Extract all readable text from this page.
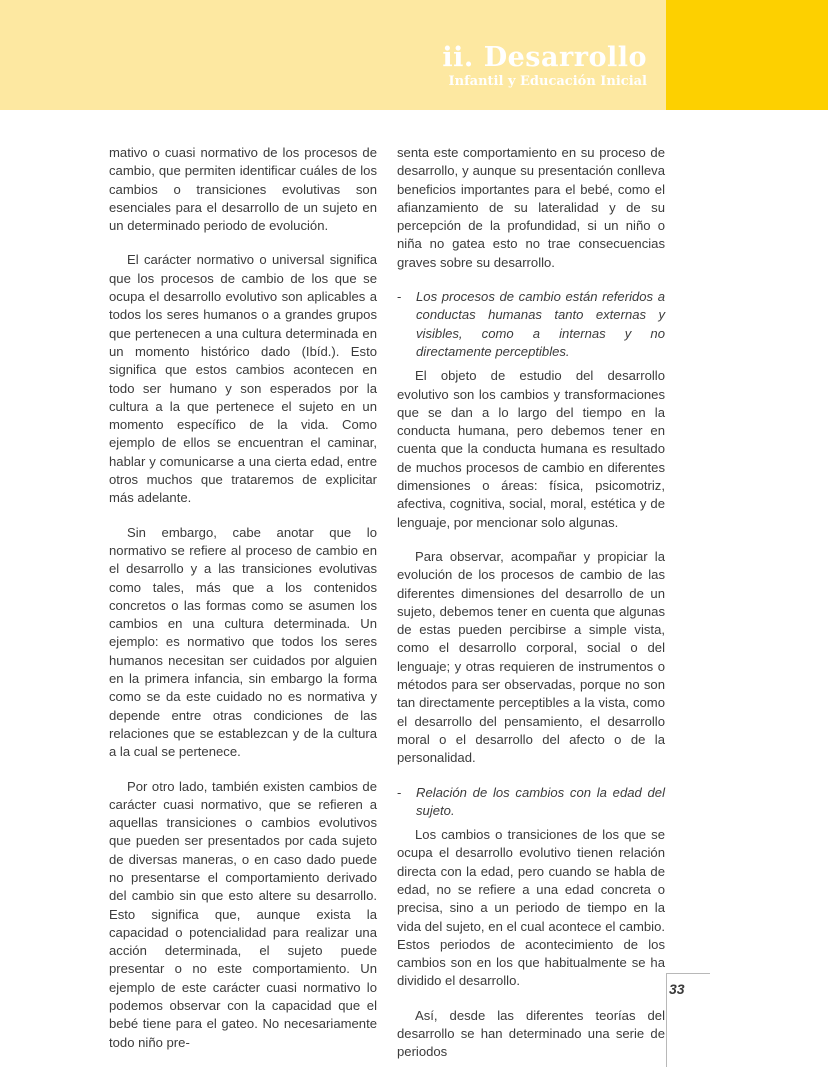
ii. Desarrollo
Infantil y Educación Inicial

mativo o cuasi normativo de los procesos de cambio, que permiten identificar cuáles de los cambios o transiciones evolutivas son esenciales para el desarrollo de un sujeto en un determinado periodo de evolución.

El carácter normativo o universal significa que los procesos de cambio de los que se ocupa el desarrollo evolutivo son aplicables a todos los seres humanos o a grandes grupos que pertenecen a una cultura determinada en un momento histórico dado (Ibíd.). Esto significa que estos cambios acontecen en todo ser humano y son esperados por la cultura a la que pertenece el sujeto en un momento específico de la vida. Como ejemplo de ellos se encuentran el caminar, hablar y comunicarse a una cierta edad, entre otros muchos que trataremos de explicitar más adelante.

Sin embargo, cabe anotar que lo normativo se refiere al proceso de cambio en el desarrollo y a las transiciones evolutivas como tales, más que a los contenidos concretos o las formas como se asumen los cambios en una cultura determinada. Un ejemplo: es normativo que todos los seres humanos necesitan ser cuidados por alguien en la primera infancia, sin embargo la forma como se da este cuidado no es normativa y depende entre otras condiciones de las relaciones que se establezcan y de la cultura a la cual se pertenece.

Por otro lado, también existen cambios de carácter cuasi normativo, que se refieren a aquellas transiciones o cambios evolutivos que pueden ser presentados por cada sujeto de diversas maneras, o en caso dado puede no presentarse el comportamiento derivado del cambio sin que esto altere su desarrollo. Esto significa que, aunque exista la capacidad o potencialidad para realizar una acción determinada, el sujeto puede presentar o no este comportamiento. Un ejemplo de este carácter cuasi normativo lo podemos observar con la capacidad que el bebé tiene para el gateo. No necesariamente todo niño pre-

senta este comportamiento en su proceso de desarrollo, y aunque su presentación conlleva beneficios importantes para el bebé, como el afianzamiento de su lateralidad y de su percepción de la profundidad, si un niño o niña no gatea esto no trae consecuencias graves sobre su desarrollo.

- Los procesos de cambio están referidos a conductas humanas tanto externas y visibles, como a internas y no directamente perceptibles.

El objeto de estudio del desarrollo evolutivo son los cambios y transformaciones que se dan a lo largo del tiempo en la conducta humana, pero debemos tener en cuenta que la conducta humana es resultado de muchos procesos de cambio en diferentes dimensiones o áreas: física, psicomotriz, afectiva, cognitiva, social, moral, estética y de lenguaje, por mencionar solo algunas.

Para observar, acompañar y propiciar la evolución de los procesos de cambio de las diferentes dimensiones del desarrollo de un sujeto, debemos tener en cuenta que algunas de estas pueden percibirse a simple vista, como el desarrollo corporal, social o del lenguaje; y otras requieren de instrumentos o métodos para ser observadas, porque no son tan directamente perceptibles a la vista, como el desarrollo del pensamiento, el desarrollo moral o el desarrollo del afecto o de la personalidad.

- Relación de los cambios con la edad del sujeto.

Los cambios o transiciones de los que se ocupa el desarrollo evolutivo tienen relación directa con la edad, pero cuando se habla de edad, no se refiere a una edad concreta o precisa, sino a un periodo de tiempo en la vida del sujeto, en el cual acontece el cambio. Estos periodos de acontecimiento de los cambios son en los que habitualmente se ha dividido el desarrollo.

Así, desde las diferentes teorías del desarrollo se han determinado una serie de periodos

33
